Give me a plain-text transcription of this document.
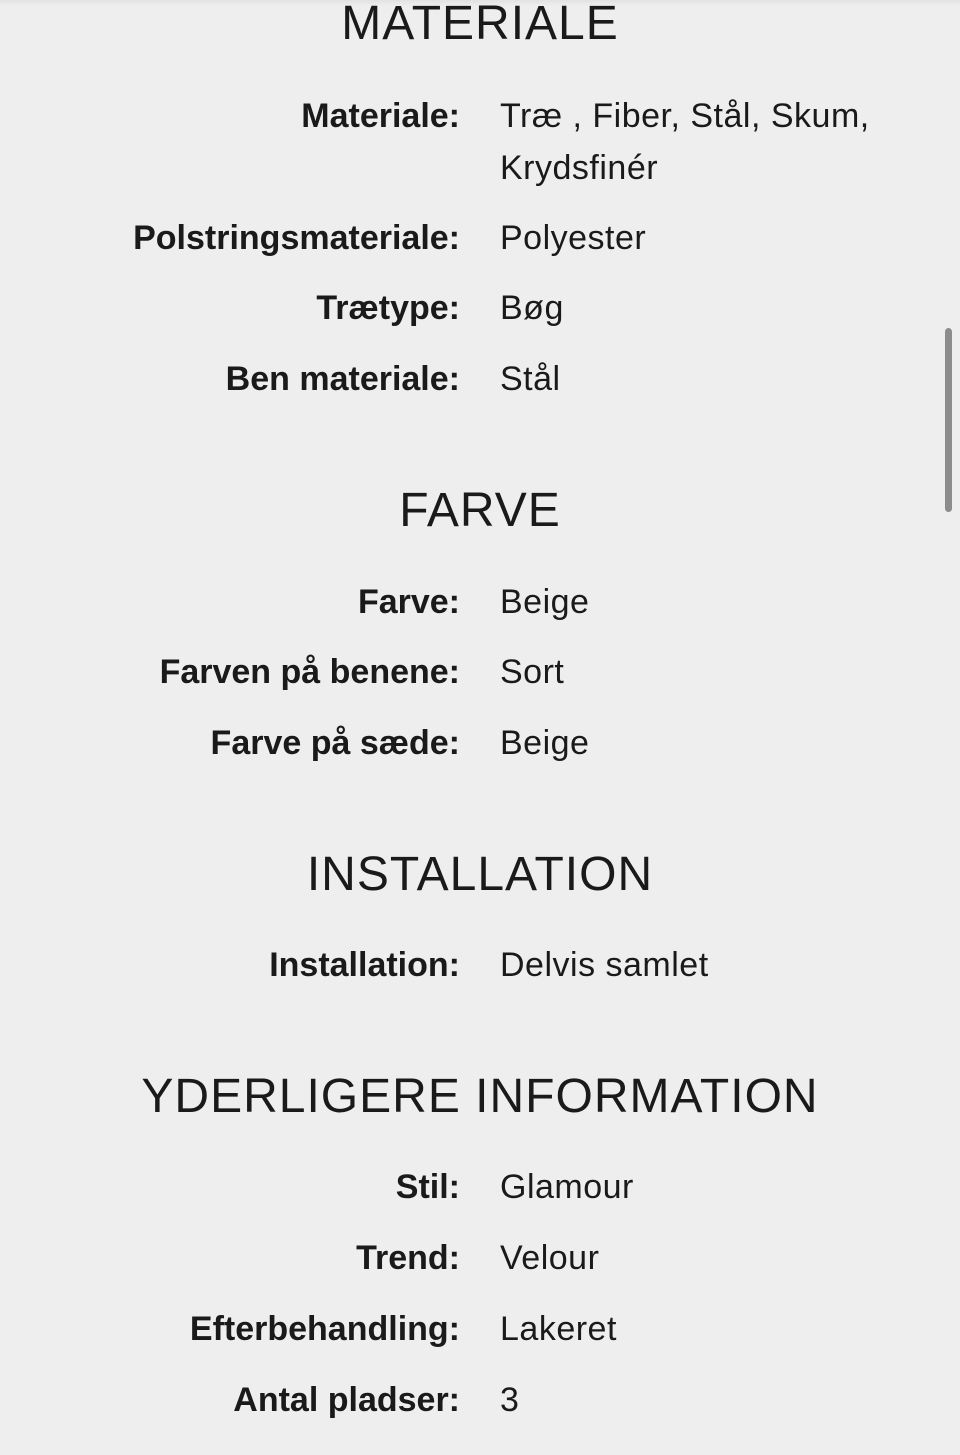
MATERIALE
Materiale: Træ , Fiber, Stål, Skum, Krydsfinér
Polstringsmateriale: Polyester
Trætype: Bøg
Ben materiale: Stål
FARVE
Farve: Beige
Farven på benene: Sort
Farve på sæde: Beige
INSTALLATION
Installation: Delvis samlet
YDERLIGERE INFORMATION
Stil: Glamour
Trend: Velour
Efterbehandling: Lakeret
Antal pladser: 3
